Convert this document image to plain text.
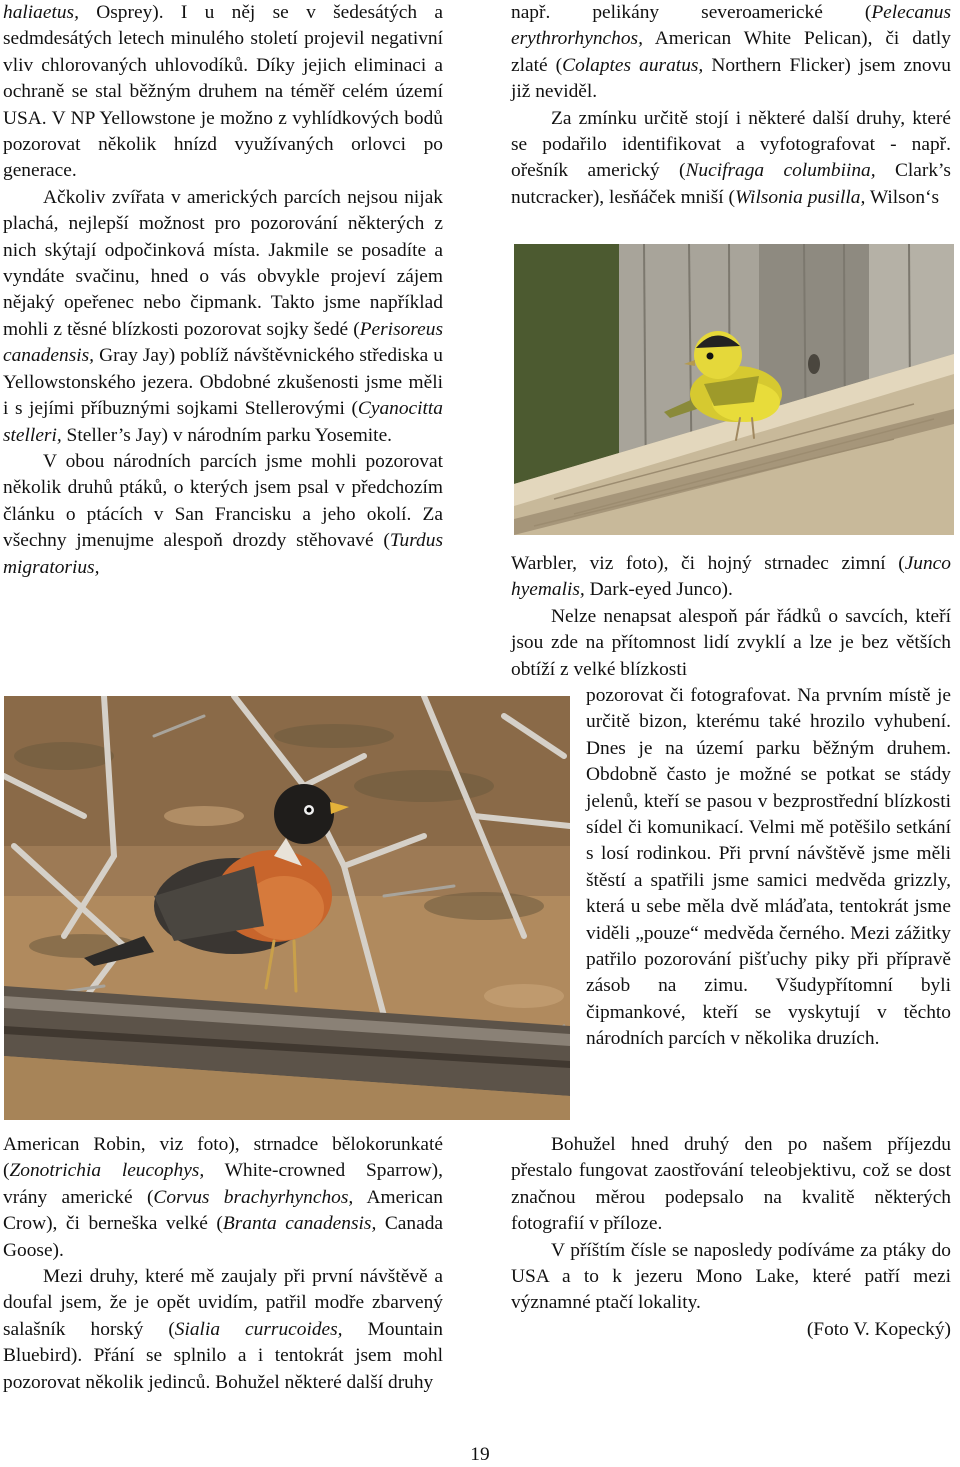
haliaetus, Osprey). I u něj se v šedesátých a sedmdesátých letech minulého století projevil negativní vliv chlorovaných uhlovodíků. Díky jejich eliminaci a ochraně se stal běžným druhem na téměř celém území USA. V NP Yellowstone je možno z vyhlídkových bodů pozorovat několik hnízd využívaných orlovci po generace.

Ačkoliv zvířata v amerických parcích nejsou nijak plachá, nejlepší možnost pro pozorování některých z nich skýtají odpočinková místa. Jakmile se posadíte a vyndáte svačinu, hned o vás obvykle projeví zájem nějaký opeřenec nebo čipmank. Takto jsme například mohli z těsné blízkosti pozorovat sojky šedé (Perisoreus canadensis, Gray Jay) poblíž návštěvnického střediska u Yellowstonského jezera. Obdobné zkušenosti jsme měli i s jejími příbuznými sojkami Stellerovými (Cyanocitta stelleri, Steller’s Jay) v národním parku Yosemite.

V obou národních parcích jsme mohli pozorovat několik druhů ptáků, o kterých jsem psal v předchozím článku o ptácích v San Francisku a jeho okolí. Za všechny jmenujme alespoň drozdy stěhovavé (Turdus migratorius,

American Robin, viz foto), strnadce bělokorunkaté (Zonotrichia leucophys, White-crowned Sparrow), vrány americké (Corvus brachyrhynchos, American Crow), či berneška velké (Branta canadensis, Canada Goose).

Mezi druhy, které mě zaujaly při první návštěvě a doufal jsem, že je opět uvidím, patřil modře zbarvený salašník horský (Sialia currucoides, Mountain Bluebird). Přání se splnilo a i tentokrát jsem mohl pozorovat několik jedinců. Bohužel některé další druhy

např. pelikány severoamerické (Pelecanus erythrorhynchos, American White Pelican), či datly zlaté (Colaptes auratus, Northern Flicker) jsem znovu již neviděl.

Za zmínku určitě stojí i některé další druhy, které se podařilo identifikovat a vyfotografovat - např. ořešník americký (Nucifraga columbiina, Clark’s nutcracker), lesňáček mniší (Wilsonia pusilla, Wilson‘s

Warbler, viz foto), či hojný strnadec zimní (Junco hyemalis, Dark-eyed Junco).

Nelze nenapsat alespoň pár řádků o savcích, kteří jsou zde na přítomnost lidí zvyklí a lze je bez větších obtíží z velké blízkosti

pozorovat či fotografovat. Na prvním místě je určitě bizon, kterému také hrozilo vyhubení. Dnes je na území parku běžným druhem. Obdobně často je možné se potkat se stády jelenů, kteří se pasou v bezprostřední blízkosti sídel či komunikací. Velmi mě potěšilo setkání s losí rodinkou. Při první návštěvě jsme měli štěstí a spatřili jsme samici medvěda grizzly, která u sebe měla dvě mláďata, tentokrát jsme viděli „pouze“ medvěda černého. Mezi zážitky patřilo pozorování pišťuchy piky při přípravě zásob na zimu. Všudypřítomní byli čipmankové, kteří se vyskytují v těchto národních parcích v několika druzích.

Bohužel hned druhý den po našem příjezdu přestalo fungovat zaostřování teleobjektivu, což se dost značnou měrou podepsalo na kvalitě některých fotografií v příloze.

V příštím čísle se naposledy podíváme za ptáky do USA a to k jezeru Mono Lake, které patří mezi významné ptačí lokality.

(Foto V. Kopecký)

19
